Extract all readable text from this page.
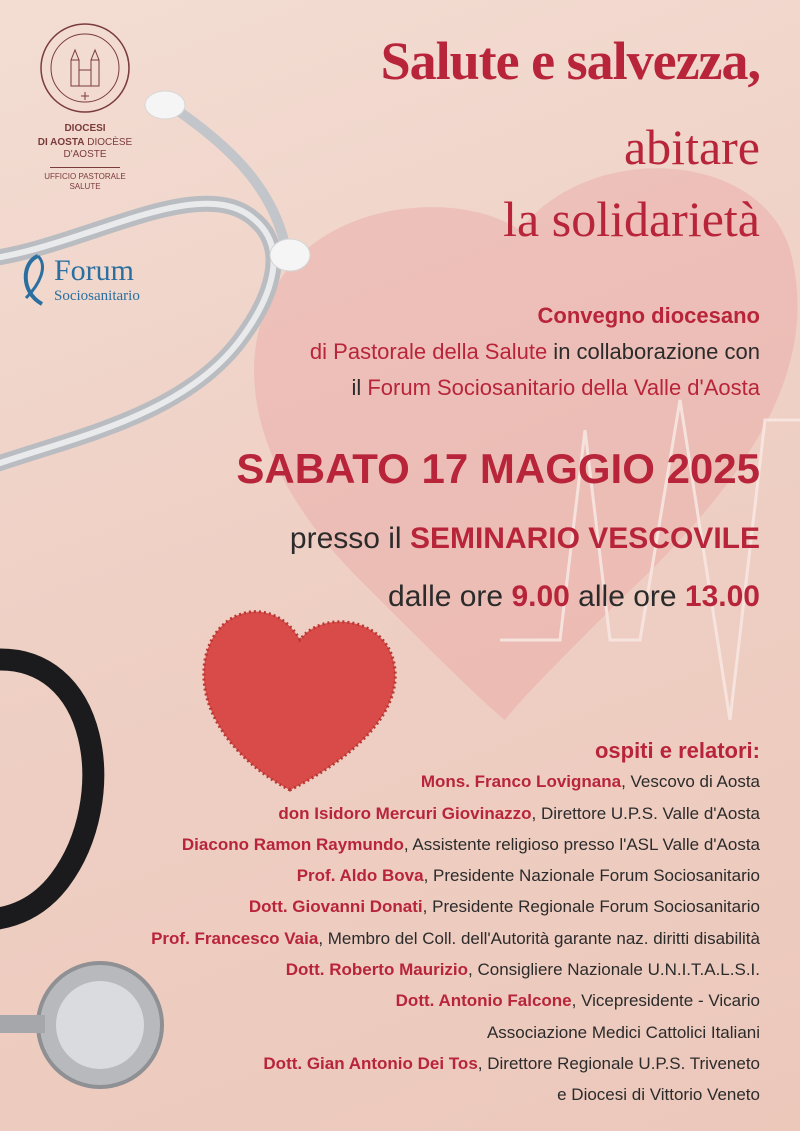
DIOCESI
DI AOSTA DIOCÈSE
D'AOSTE
UFFICIO PASTORALE
SALUTE
Forum
Sociosanitario
Salute e salvezza,
abitare
la solidarietà
Convegno diocesano
di Pastorale della Salute in collaborazione con
il Forum Sociosanitario della Valle d'Aosta
SABATO 17 MAGGIO 2025
presso il SEMINARIO VESCOVILE
dalle ore 9.00 alle ore 13.00
ospiti e relatori:
Mons. Franco Lovignana, Vescovo di Aosta
don Isidoro Mercuri Giovinazzo, Direttore U.P.S. Valle d'Aosta
Diacono Ramon Raymundo, Assistente religioso presso l'ASL Valle d'Aosta
Prof. Aldo Bova, Presidente Nazionale Forum Sociosanitario
Dott. Giovanni Donati, Presidente Regionale Forum Sociosanitario
Prof. Francesco Vaia, Membro del Coll. dell'Autorità garante naz. diritti disabilità
Dott. Roberto Maurizio, Consigliere Nazionale U.N.I.T.A.L.S.I.
Dott. Antonio Falcone, Vicepresidente - Vicario
Associazione Medici Cattolici Italiani
Dott. Gian Antonio Dei Tos, Direttore Regionale U.P.S. Triveneto
e Diocesi di Vittorio Veneto
